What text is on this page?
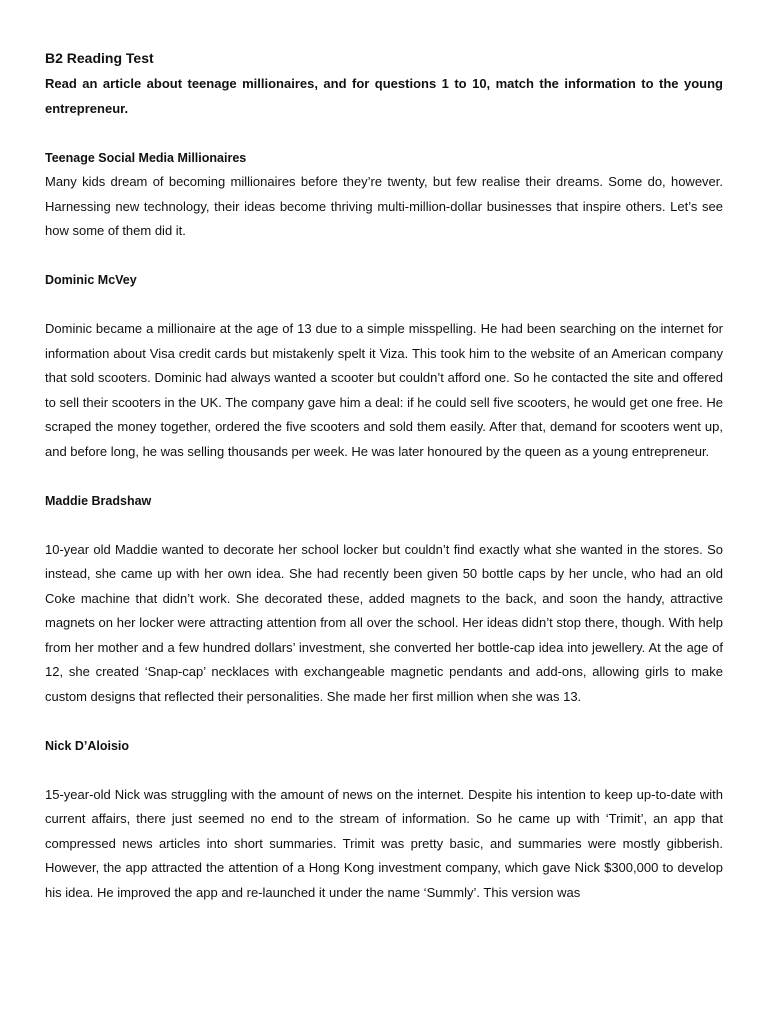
B2 Reading Test

Read an article about teenage millionaires, and for questions 1 to 10, match the information to the young entrepreneur.

Teenage Social Media Millionaires

Many kids dream of becoming millionaires before they’re twenty, but few realise their dreams. Some do, however. Harnessing new technology, their ideas become thriving multi-million-dollar businesses that inspire others. Let’s see how some of them did it.

Dominic McVey

Dominic became a millionaire at the age of 13 due to a simple misspelling. He had been searching on the internet for information about Visa credit cards but mistakenly spelt it Viza. This took him to the website of an American company that sold scooters. Dominic had always wanted a scooter but couldn’t afford one. So he contacted the site and offered to sell their scooters in the UK. The company gave him a deal: if he could sell five scooters, he would get one free. He scraped the money together, ordered the five scooters and sold them easily. After that, demand for scooters went up, and before long, he was selling thousands per week. He was later honoured by the queen as a young entrepreneur.

Maddie Bradshaw

10-year old Maddie wanted to decorate her school locker but couldn’t find exactly what she wanted in the stores. So instead, she came up with her own idea. She had recently been given 50 bottle caps by her uncle, who had an old Coke machine that didn’t work. She decorated these, added magnets to the back, and soon the handy, attractive magnets on her locker were attracting attention from all over the school. Her ideas didn’t stop there, though. With help from her mother and a few hundred dollars’ investment, she converted her bottle-cap idea into jewellery. At the age of 12, she created ‘Snap-cap’ necklaces with exchangeable magnetic pendants and add-ons, allowing girls to make custom designs that reflected their personalities. She made her first million when she was 13.

Nick D’Aloisio

15-year-old Nick was struggling with the amount of news on the internet. Despite his intention to keep up-to-date with current affairs, there just seemed no end to the stream of information. So he came up with ‘Trimit’, an app that compressed news articles into short summaries. Trimit was pretty basic, and summaries were mostly gibberish. However, the app attracted the attention of a Hong Kong investment company, which gave Nick $300,000 to develop his idea. He improved the app and re-launched it under the name ‘Summly’. This version was
